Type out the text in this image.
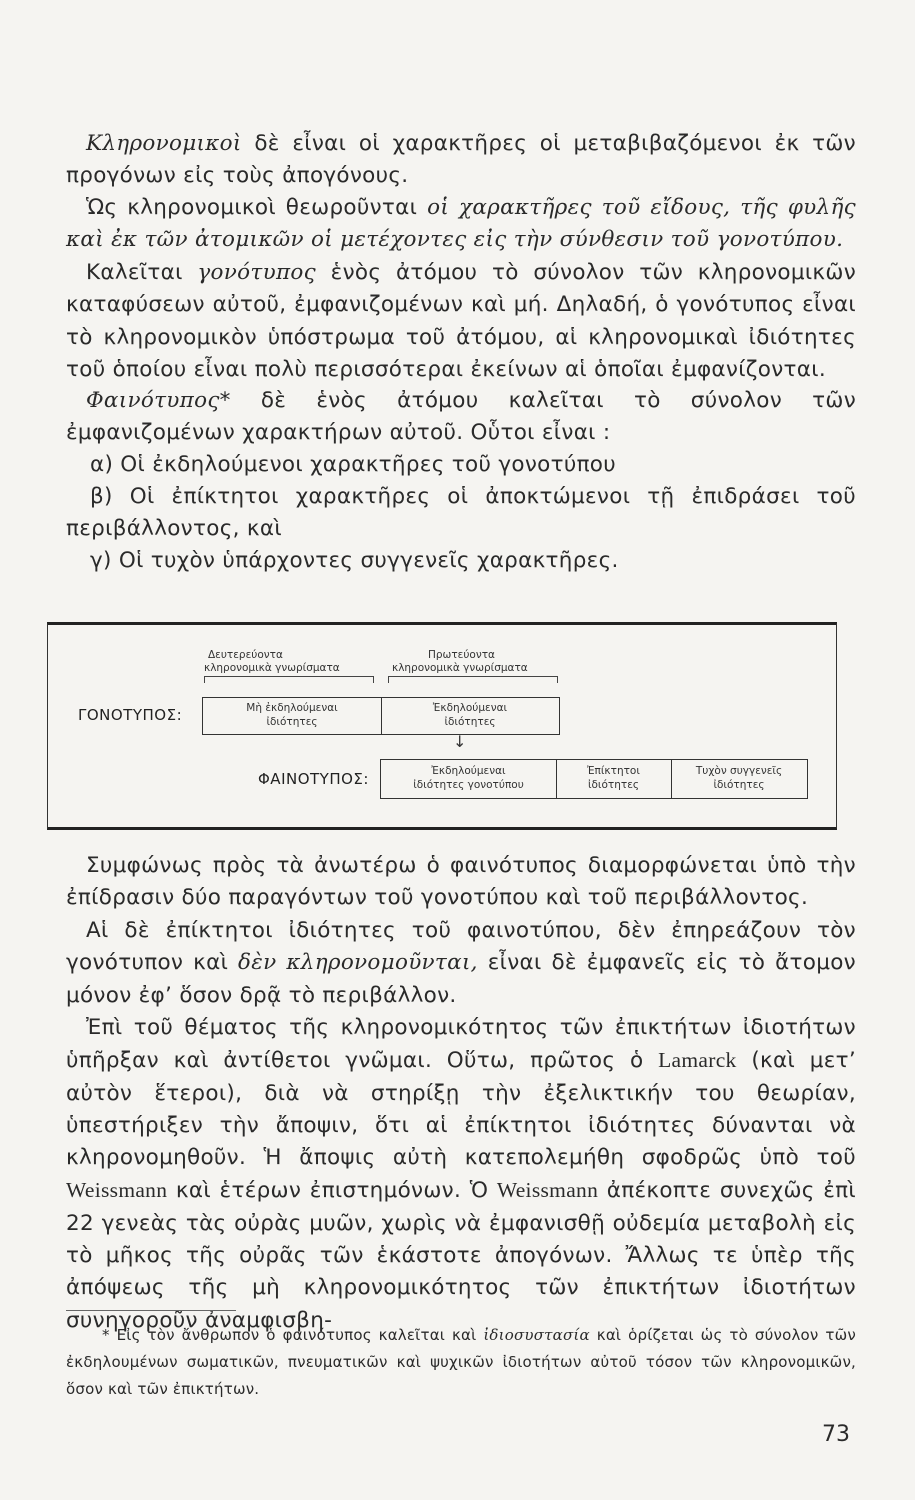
Κληρονομικοὶ δὲ εἶναι οἱ χαρακτῆρες οἱ μεταβιβαζόμενοι ἐκ τῶν προγόνων εἰς τοὺς ἀπογόνους.

Ὡς κληρονομικοὶ θεωροῦνται οἱ χαρακτῆρες τοῦ εἴδους, τῆς φυλῆς καὶ ἐκ τῶν ἀτομικῶν οἱ μετέχοντες εἰς τὴν σύνθεσιν τοῦ γονοτύπου.

Καλεῖται γονότυπος ἑνὸς ἀτόμου τὸ σύνολον τῶν κληρονομικῶν καταφύσεων αὐτοῦ, ἐμφανιζομένων καὶ μή. Δηλαδή, ὁ γονότυπος εἶναι τὸ κληρονομικὸν ὑπόστρωμα τοῦ ἀτόμου, αἱ κληρονομικαὶ ἰδιότητες τοῦ ὁποίου εἶναι πολὺ περισσότεραι ἐκείνων αἱ ὁποῖαι ἐμφανίζονται.

Φαινότυπος* δὲ ἑνὸς ἀτόμου καλεῖται τὸ σύνολον τῶν ἐμφανιζομένων χαρακτήρων αὐτοῦ. Οὗτοι εἶναι :

α) Οἱ ἐκδηλούμενοι χαρακτῆρες τοῦ γονοτύπου

β) Οἱ ἐπίκτητοι χαρακτῆρες οἱ ἀποκτώμενοι τῇ ἐπιδράσει τοῦ περιβάλλοντος, καὶ

γ) Οἱ τυχὸν ὑπάρχοντες συγγενεῖς χαρακτῆρες.

Δευτερεύοντα
κληρονομικὰ γνωρίσματα
Πρωτεύοντα
κληρονομικὰ γνωρίσματα
ΓΟΝΟΤΥΠΟΣ:	Μὴ ἐκδηλούμεναι
ἰδιότητες
Ἐκδηλούμεναι
ἰδιότητες
↓
ΦΑΙΝΟΤΥΠΟΣ:	Ἐκδηλούμεναι
ἰδιότητες γονοτύπου
Ἐπίκτητοι
ἰδιότητες
Τυχὸν συγγενεῖς
ἰδιότητες

Συμφώνως πρὸς τὰ ἀνωτέρω ὁ φαινότυπος διαμορφώνεται ὑπὸ τὴν ἐπίδρασιν δύο παραγόντων τοῦ γονοτύπου καὶ τοῦ περιβάλλοντος.

Αἱ δὲ ἐπίκτητοι ἰδιότητες τοῦ φαινοτύπου, δὲν ἐπηρεάζουν τὸν γονότυπον καὶ δὲν κληρονομοῦνται, εἶναι δὲ ἐμφανεῖς εἰς τὸ ἄτομον μόνον ἐφ’ ὅσον δρᾷ τὸ περιβάλλον.

Ἐπὶ τοῦ θέματος τῆς κληρονομικότητος τῶν ἐπικτήτων ἰδιοτήτων ὑπῆρξαν καὶ ἀντίθετοι γνῶμαι. Οὕτω, πρῶτος ὁ Lamarck (καὶ μετ’ αὐτὸν ἕτεροι), διὰ νὰ στηρίξῃ τὴν ἐξελικτικήν του θεωρίαν, ὑπεστήριξεν τὴν ἄποψιν, ὅτι αἱ ἐπίκτητοι ἰδιότητες δύνανται νὰ κληρονομηθοῦν. Ἡ ἄποψις αὐτὴ κατεπολεμήθη σφοδρῶς ὑπὸ τοῦ Weissmann καὶ ἑτέρων ἐπιστημόνων. Ὁ Weissmann ἀπέκοπτε συνεχῶς ἐπὶ 22 γενεὰς τὰς οὐρὰς μυῶν, χωρὶς νὰ ἐμφανισθῇ οὐδεμία μεταβολὴ εἰς τὸ μῆκος τῆς οὐρᾶς τῶν ἑκάστοτε ἀπογόνων. Ἄλλως τε ὑπὲρ τῆς ἀπόψεως τῆς μὴ κληρονομικότητος τῶν ἐπικτήτων ἰδιοτήτων συνηγοροῦν ἀναμφισβη-

* Εἰς τὸν ἄνθρωπον ὁ φαινότυπος καλεῖται καὶ ἰδιοσυστασία καὶ ὁρίζεται ὡς τὸ σύνολον τῶν ἐκδηλουμένων σωματικῶν, πνευματικῶν καὶ ψυχικῶν ἰδιοτήτων αὐτοῦ τόσον τῶν κληρονομικῶν, ὅσον καὶ τῶν ἐπικτήτων.

73
